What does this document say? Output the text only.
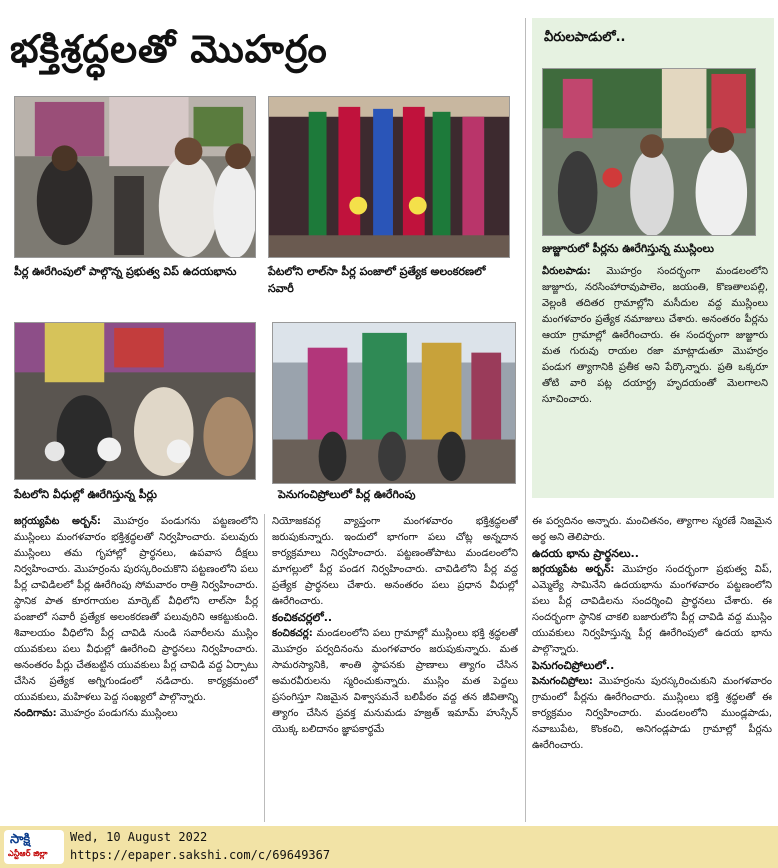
భక్తిశ్రద్ధలతో మొహర్రం
పీర్ల ఊరేగింపులో పాల్గొన్న ప్రభుత్వ విప్ ఉదయభాను	పేటలోని లాల్‌సా పీర్ల పంజాలో ప్రత్యేక అలంకరణలో సవారీ
పేటలోని వీధుల్లో ఊరేగిస్తున్న పీర్లు	పెనుగంచిప్రోలులో పీర్ల ఊరేగింపు
వీరులపాడులో..
జుజ్జూరులో పీర్లను ఊరేగిస్తున్న ముస్లింలు

వీరులపాడు: మొహర్రం సందర్భంగా మండలంలోని జుజ్జూరు, నరసింహారావుపాలెం, జయంతి, కొణతాలపల్లి, వెల్లంకి తదితర గ్రామాల్లోని మసీదుల వద్ద ముస్లింలు మంగళవారం ప్రత్యేక నమాజులు చేశారు. అనంతరం పీర్లను ఆయా గ్రామాల్లో ఊరేగించారు. ఈ సందర్భంగా జుజ్జూరు మత గురువు రాయల రజా మాట్లాడుతూ మొహర్రం పండుగ త్యాగానికి ప్రతీక అని పేర్కొన్నారు. ప్రతి ఒక్కరూ తోటి వారి పట్ల దయార్ద్ర హృదయంతో మెలగాలని సూచించారు.

జగ్గయ్యపేట అర్బన్: మొహర్రం పండుగను పట్టణంలోని ముస్లింలు మంగళవారం భక్తిశ్రద్ధలతో నిర్వహించారు. పలువురు ముస్లింలు తమ గృహాల్లో ప్రార్థనలు, ఉపవాస దీక్షలు నిర్వహించారు. మొహర్రంను పురస్కరించుకొని పట్టణంలోని పలు పీర్ల చావిడిలలో పీర్ల ఊరేగింపు సోమవారం రాత్రి నిర్వహించారు. స్థానిక పాత కూరగాయల మార్కెట్ వీధిలోని లాల్‌సా పీర్ల పంజాలో సవారీ ప్రత్యేక అలంకరణతో పలువురిని ఆకట్టుకుంది. శివాలయం వీధిలోని పీర్ల చావిడి నుండి సవారీలను ముస్లిం యువకులు పలు వీధుల్లో ఊరేగించి ప్రార్థనలు నిర్వహించారు. అనంతరం పీర్లు చేతబట్టిన యువకులు పీర్ల చావిడి వద్ద ఏర్పాటు చేసిన ప్రత్యేక అగ్నిగుండంలో నడిచారు. కార్యక్రమంలో యువకులు, మహిళలు పెద్ద సంఖ్యలో పాల్గొన్నారు.

నందిగామ: మొహర్రం పండుగను ముస్లింలు

నియోజకవర్గ వ్యాప్తంగా మంగళవారం భక్తిశ్రద్ధలతో జరుపుకున్నారు. ఇందులో భాగంగా పలు చోట్ల అన్నదాన కార్యక్రమాలు నిర్వహించారు. పట్టణంతోపాటు మండలంలోని మాగల్లులో పీర్ల పండగ నిర్వహించారు. చావిడిలోని పీర్ల వద్ద ప్రత్యేక ప్రార్థనలు చేశారు. అనంతరం పలు ప్రధాన వీధుల్లో ఊరేగించారు.

కంచికచర్లలో..

కంచికచర్ల: మండలంలోని పలు గ్రామాల్లో ముస్లింలు భక్తి శ్రద్ధలతో మొహర్రం పర్వదినంను మంగళవారం జరుపుకున్నారు. మత సామరస్యానికి, శాంతి స్థాపనకు ప్రాణాలు త్యాగం చేసిన అమరవీరులను స్మరించుకున్నారు. ముస్లిం మత పెద్దలు ప్రసంగిస్తూ నిజమైన విశ్వాసమనే బలిపీఠం వద్ద తన జీవితాన్ని త్యాగం చేసిన ప్రవక్త మనుమడు హజ్రత్ ఇమామ్ హుస్సేన్ యొక్క బలిదానం జ్ఞాపకార్థమే

ఈ పర్వదినం అన్నారు. మంచితనం, త్యాగాల స్మరణే నిజమైన అర్థ అని తెలిపారు.

ఉదయ భాను ప్రార్థనలు..

జగ్గయ్యపేట అర్బన్: మొహర్రం సందర్భంగా ప్రభుత్వ విప్, ఎమ్మెల్యే సామినేని ఉదయభాను మంగళవారం పట్టణంలోని పలు పీర్ల చావిడిలను సందర్శించి ప్రార్థనలు చేశారు. ఈ సందర్భంగా స్థానిక చాకలి బజారులోని పీర్ల చావిడి వద్ద ముస్లిం యువకులు నిర్వహిస్తున్న పీర్ల ఊరేగింపులో ఉదయ భాను పాల్గొన్నారు.

పెనుగంచిప్రోలులో..

పెనుగంచిప్రోలు: మొహర్రంను పురస్కరించుకుని మంగళవారం గ్రామంలో పీర్లను ఊరేగించారు. ముస్లింలు భక్తి శ్రద్ధలతో ఈ కార్యక్రమం నిర్వహించారు. మండలంలోని ముండ్లపాడు, నవాబుపేట, కొంకంచి, అనిగండ్లపాడు గ్రామాల్లో పీర్లను ఊరేగించారు.

సాక్షి
ఎన్టీఆర్ జిల్లా
Wed, 10 August 2022
https://epaper.sakshi.com/c/69649367
